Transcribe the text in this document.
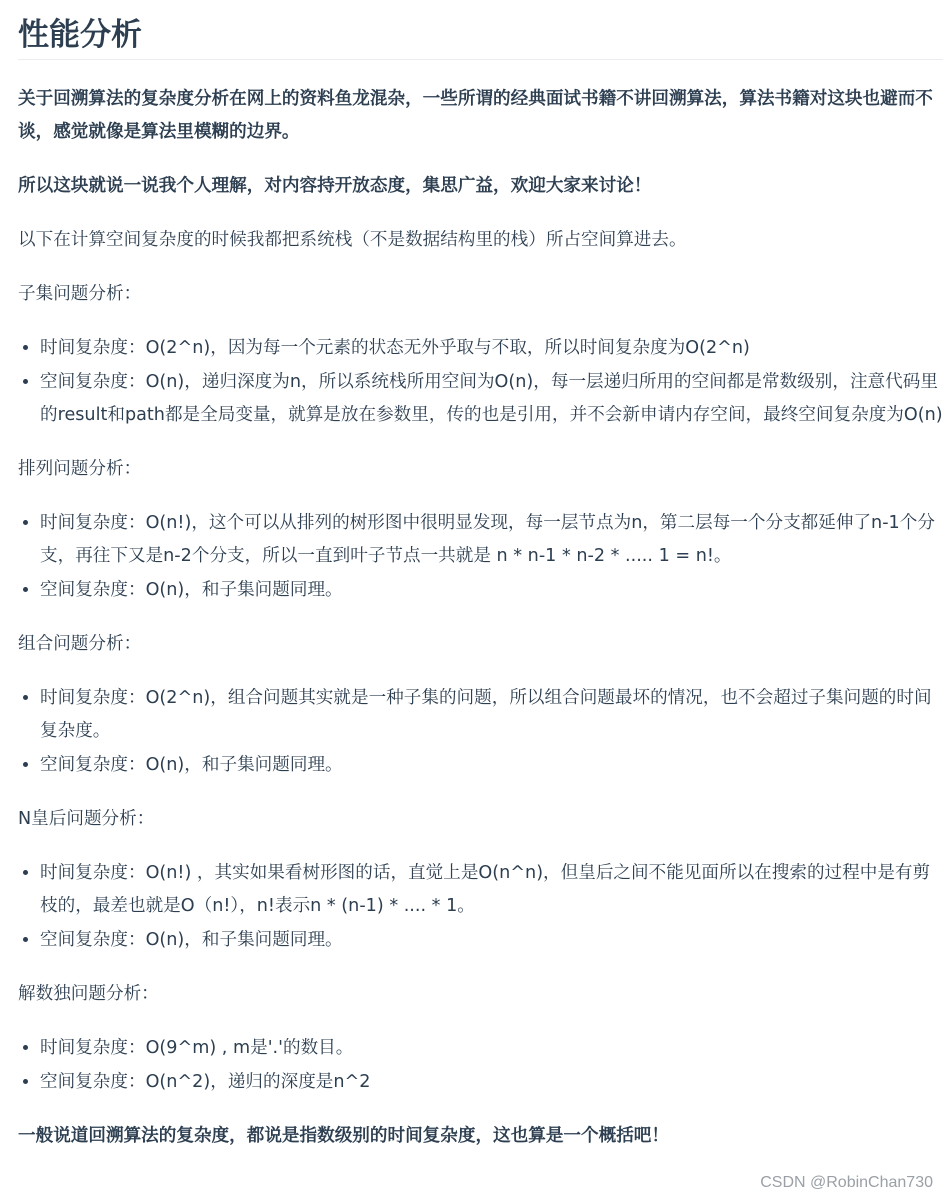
性能分析

关于回溯算法的复杂度分析在网上的资料鱼龙混杂，一些所谓的经典面试书籍不讲回溯算法，算法书籍对这块也避而不谈，感觉就像是算法里模糊的边界。

所以这块就说一说我个人理解，对内容持开放态度，集思广益，欢迎大家来讨论！

以下在计算空间复杂度的时候我都把系统栈（不是数据结构里的栈）所占空间算进去。

子集问题分析：

• 时间复杂度：O(2^n)，因为每一个元素的状态无外乎取与不取，所以时间复杂度为O(2^n)
• 空间复杂度：O(n)，递归深度为n，所以系统栈所用空间为O(n)，每一层递归所用的空间都是常数级别，注意代码里的result和path都是全局变量，就算是放在参数里，传的也是引用，并不会新申请内存空间，最终空间复杂度为O(n)

排列问题分析：

• 时间复杂度：O(n!)，这个可以从排列的树形图中很明显发现，每一层节点为n，第二层每一个分支都延伸了n-1个分支，再往下又是n-2个分支，所以一直到叶子节点一共就是 n * n-1 * n-2 * ..... 1 = n!。
• 空间复杂度：O(n)，和子集问题同理。

组合问题分析：

• 时间复杂度：O(2^n)，组合问题其实就是一种子集的问题，所以组合问题最坏的情况，也不会超过子集问题的时间复杂度。
• 空间复杂度：O(n)，和子集问题同理。

N皇后问题分析：

• 时间复杂度：O(n!) ，其实如果看树形图的话，直觉上是O(n^n)，但皇后之间不能见面所以在搜索的过程中是有剪枝的，最差也就是O（n!），n!表示n * (n-1) * .... * 1。
• 空间复杂度：O(n)，和子集问题同理。

解数独问题分析：

• 时间复杂度：O(9^m) , m是'.'的数目。
• 空间复杂度：O(n^2)，递归的深度是n^2

一般说道回溯算法的复杂度，都说是指数级别的时间复杂度，这也算是一个概括吧！

CSDN @RobinChan730
